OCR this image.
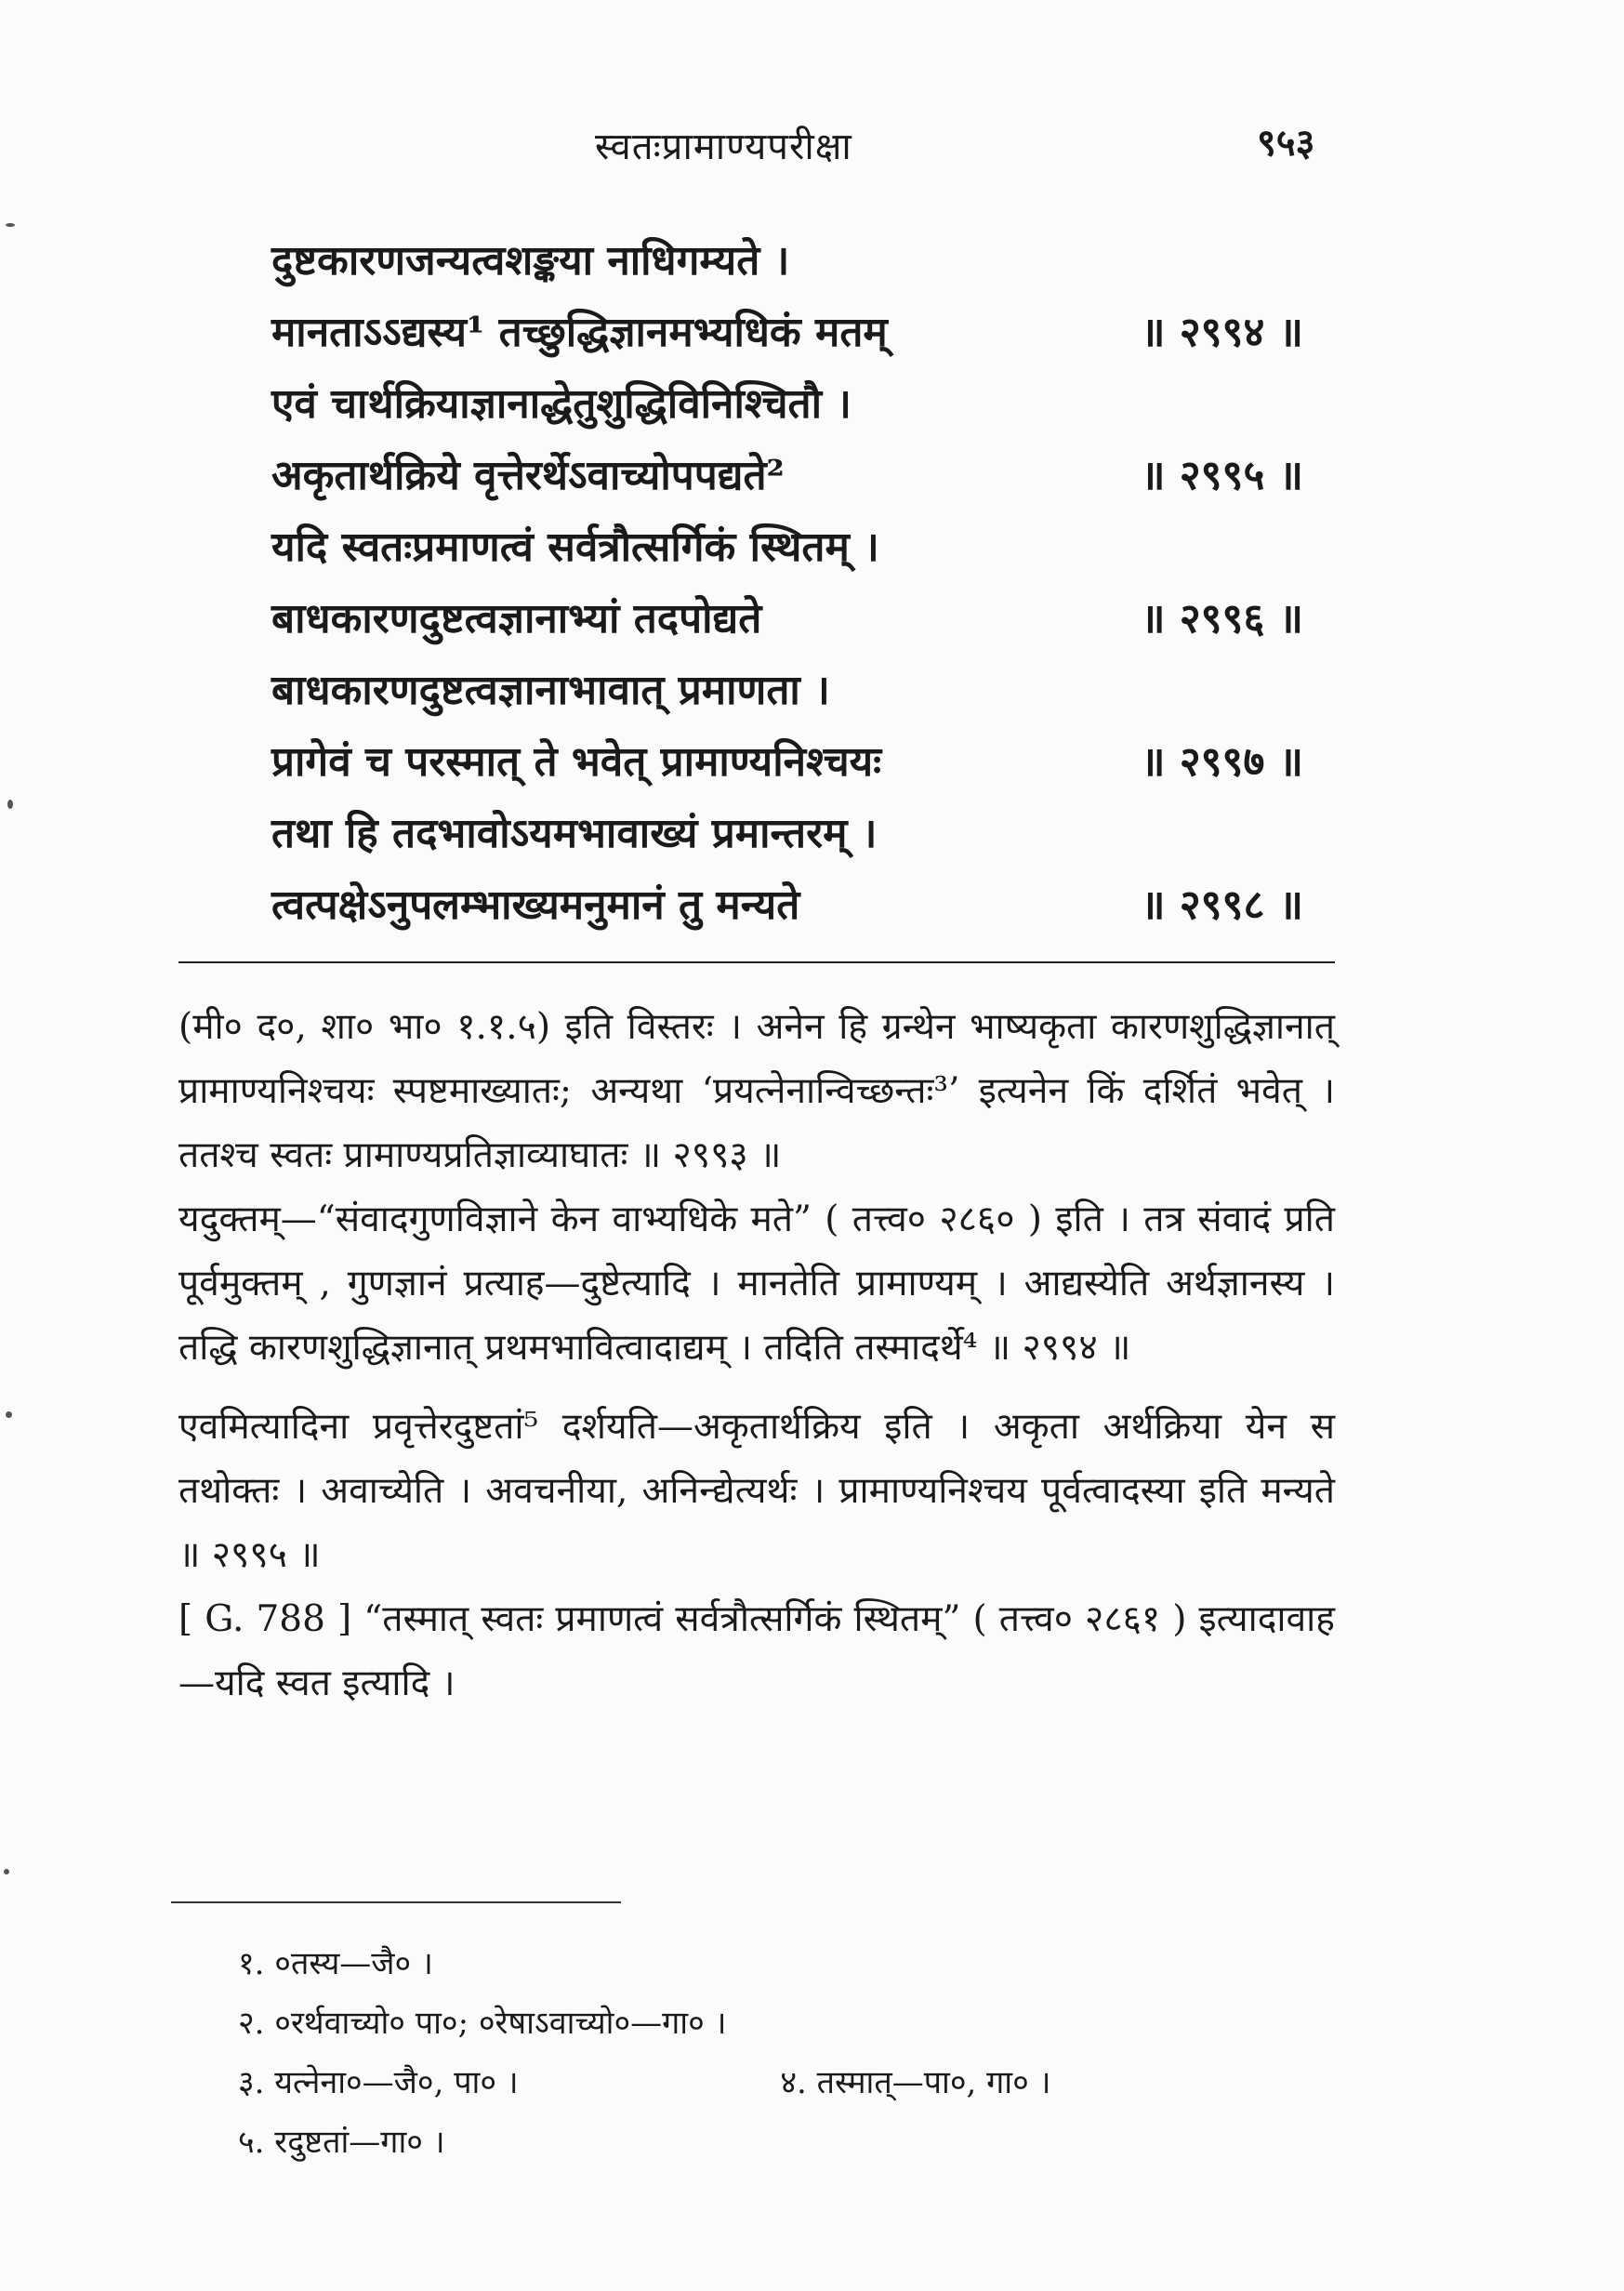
स्वतःप्रामाण्यपरीक्षा	९५३
दुष्टकारणजन्यत्वशङ्कया नाधिगम्यते ।
मानताऽऽद्यस्य¹ तच्छुद्धिज्ञानमभ्यधिकं मतम्	॥ २९९४ ॥
एवं चार्थक्रियाज्ञानाद्धेतुशुद्धिविनिश्चितौ ।
अकृतार्थक्रिये वृत्तेरर्थेऽवाच्योपपद्यते²	॥ २९९५ ॥
यदि स्वतःप्रमाणत्वं सर्वत्रौत्सर्गिकं स्थितम् ।
बाधकारणदुष्टत्वज्ञानाभ्यां तदपोद्यते	॥ २९९६ ॥
बाधकारणदुष्टत्वज्ञानाभावात् प्रमाणता ।
प्रागेवं च परस्मात् ते भवेत् प्रामाण्यनिश्चयः	॥ २९९७ ॥
तथा हि तदभावोऽयमभावाख्यं प्रमान्तरम् ।
त्वत्पक्षेऽनुपलम्भाख्यमनुमानं तु मन्यते	॥ २९९८ ॥

(मी० द०, शा० भा० १.१.५) इति विस्तरः । अनेन हि ग्रन्थेन भाष्यकृता कारणशुद्धिज्ञानात् प्रामाण्यनिश्चयः स्पष्टमाख्यातः; अन्यथा ‘प्रयत्नेनान्विच्छन्तः³’ इत्यनेन किं दर्शितं भवेत् । ततश्च स्वतः प्रामाण्यप्रतिज्ञाव्याघातः ॥ २९९३ ॥

यदुक्तम्—“संवादगुणविज्ञाने केन वाभ्यधिके मते” ( तत्त्व० २८६० ) इति । तत्र संवादं प्रति पूर्वमुक्तम् , गुणज्ञानं प्रत्याह—दुष्टेत्यादि । मानतेति प्रामाण्यम् । आद्यस्येति अर्थज्ञानस्य । तद्धि कारणशुद्धिज्ञानात् प्रथमभावित्वादाद्यम् । तदिति तस्मादर्थे⁴ ॥ २९९४ ॥

एवमित्यादिना प्रवृत्तेरदुष्टतां⁵ दर्शयति—अकृतार्थक्रिय इति । अकृता अर्थक्रिया येन स तथोक्तः । अवाच्येति । अवचनीया, अनिन्द्येत्यर्थः । प्रामाण्यनिश्चय पूर्वत्वादस्या इति मन्यते ॥ २९९५ ॥

[ G. 788 ] “तस्मात् स्वतः प्रमाणत्वं सर्वत्रौत्सर्गिकं स्थितम्” ( तत्त्व० २८६१ ) इत्यादावाह—यदि स्वत इत्यादि ।

१. ०तस्य—जै० ।
२. ०रर्थवाच्यो० पा०; ०रेषाऽवाच्यो०—गा० ।
३. यत्नेना०—जै०, पा० ।	४. तस्मात्—पा०, गा० ।
५. रदुष्टतां—गा० ।
